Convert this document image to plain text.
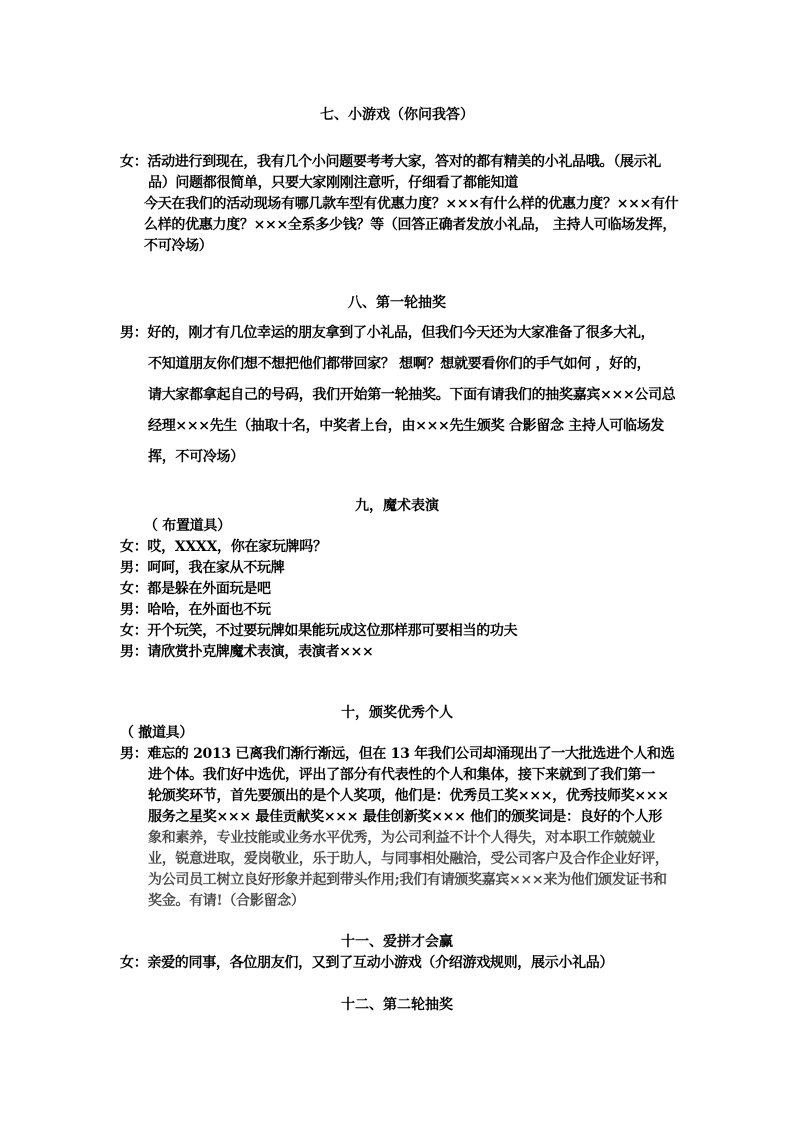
七、小游戏（你问我答）
女：活动进行到现在，我有几个小问题要考考大家，答对的都有精美的小礼品哦。（展示礼
品）问题都很简单，只要大家刚刚注意听，仔细看了都能知道
今天在我们的活动现场有哪几款车型有优惠力度？×××有什么样的优惠力度？×××有什
么样的优惠力度？×××全系多少钱？等（回答正确者发放小礼品， 主持人可临场发挥，
不可冷场）
八、第一轮抽奖
男：好的，刚才有几位幸运的朋友拿到了小礼品，但我们今天还为大家准备了很多大礼，
不知道朋友你们想不想把他们都带回家？ 想啊？想就要看你们的手气如何 ，好的，
请大家都拿起自己的号码，我们开始第一轮抽奖。下面有请我们的抽奖嘉宾×××公司总
经理×××先生（抽取十名，中奖者上台，由×××先生颁奖 合影留念 主持人可临场发
挥，不可冷场）
九，魔术表演
（ 布置道具）
女：哎，XXXX，你在家玩牌吗？
男：呵呵，我在家从不玩牌
女：都是躲在外面玩是吧
男：哈哈，在外面也不玩
女：开个玩笑，不过要玩牌如果能玩成这位那样那可要相当的功夫
男：请欣赏扑克牌魔术表演，表演者×××
十，颁奖优秀个人
（ 撤道具）
男：难忘的 2013 已离我们渐行渐远，但在 13 年我们公司却涌现出了一大批选进个人和选
进个体。我们好中选优，评出了部分有代表性的个人和集体，接下来就到了我们第一
轮颁奖环节，首先要颁出的是个人奖项，他们是：优秀员工奖×××，优秀技师奖×××
服务之星奖××× 最佳贡献奖××× 最佳创新奖××× 他们的颁奖词是：良好的个人形
象和素养，专业技能或业务水平优秀，为公司利益不计个人得失，对本职工作兢兢业
业，锐意进取，爱岗敬业，乐于助人，与同事相处融洽，受公司客户及合作企业好评，
为公司员工树立良好形象并起到带头作用;我们有请颁奖嘉宾×××来为他们颁发证书和
奖金。有请!（合影留念）
十一、爱拼才会赢
女：亲爱的同事，各位朋友们，又到了互动小游戏（介绍游戏规则，展示小礼品）
十二、第二轮抽奖
